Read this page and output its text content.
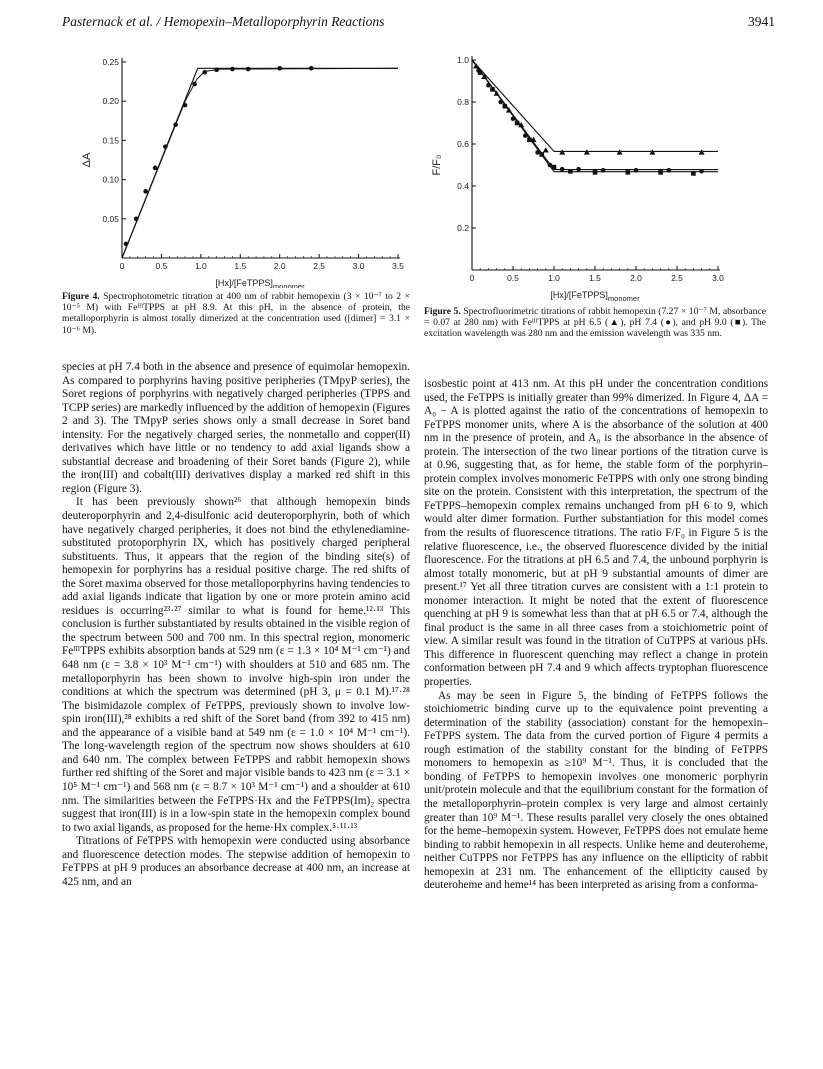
Pasternack et al. / Hemopexin–Metalloporphyrin Reactions	3941
0	0.5	1.0	1.5	2.0	2.5	3.0	3.5
0.05
0.10
0.15
0.20
0.25
$[Hx]/[FeTPPS]_{monomer}$
ΔA
Figure 4. Spectrophotometric titration at 400 nm of rabbit hemopexin (3 × 10⁻⁷ to 2 × 10⁻⁵ M) with FeᴵᴵᴵTPPS at pH 8.9. At this pH, in the absence of protein, the metalloporphyrin is almost totally dimerized at the concentration used ([dimer] = 3.1 × 10⁻⁶ M).
0	0.5	1.0	1.5	2.0	2.5	3.0
0.2
0.4
0.6
0.8
1.0
$[Hx]/[FeTPPS]_{monomer}$
F/F₀
Figure 5. Spectrofluorimetric titrations of rabbit hemopexin (7.27 × 10⁻⁷ M, absorbance = 0.07 at 280 nm) with FeᴵᴵᴵTPPS at pH 6.5 (▲), pH 7.4 (●), and pH 9.0 (■). The excitation wavelength was 280 nm and the emission wavelength was 335 nm.

species at pH 7.4 both in the absence and presence of equimolar hemopexin. As compared to porphyrins having positive peripheries (TMpyP series), the Soret regions of porphyrins with negatively charged peripheries (TPPS and TCPP series) are markedly influenced by the addition of hemopexin (Figures 2 and 3). The TMpyP series shows only a small decrease in Soret band intensity. For the negatively charged series, the nonmetallo and copper(II) derivatives which have little or no tendency to add axial ligands show a substantial decrease and broadening of their Soret bands (Figure 2), while the iron(III) and cobalt(III) derivatives display a marked red shift in this region (Figure 3).

It has been previously shown²⁶ that although hemopexin binds deuteroporphyrin and 2,4-disulfonic acid deuteroporphyrin, both of which have negatively charged peripheries, it does not bind the ethylenediamine-substituted protoporphyrin IX, which has positively charged peripheral substituents. Thus, it appears that the region of the binding site(s) of hemopexin for porphyrins has a residual positive charge. The red shifts of the Soret maxima observed for those metalloporphyrins having tendencies to add axial ligands indicate that ligation by one or more protein amino acid residues is occurring²³·²⁷ similar to what is found for heme.¹²·¹³ This conclusion is further substantiated by results obtained in the visible region of the spectrum between 500 and 700 nm. In this spectral region, monomeric FeᴵᴵᴵTPPS exhibits absorption bands at 529 nm (ε = 1.3 × 10⁴ M⁻¹ cm⁻¹) and 648 nm (ε = 3.8 × 10³ M⁻¹ cm⁻¹) with shoulders at 510 and 685 nm. The metalloporphyrin has been shown to involve high-spin iron under the conditions at which the spectrum was determined (pH 3, μ = 0.1 M).¹⁷·²⁸ The bisimidazole complex of FeTPPS, previously shown to involve low-spin iron(III),²⁸ exhibits a red shift of the Soret band (from 392 to 415 nm) and the appearance of a visible band at 549 nm (ε = 1.0 × 10⁴ M⁻¹ cm⁻¹). The long-wavelength region of the spectrum now shows shoulders at 610 and 640 nm. The complex between FeTPPS and rabbit hemopexin shows further red shifting of the Soret and major visible bands to 423 nm (ε = 3.1 × 10⁵ M⁻¹ cm⁻¹) and 568 nm (ε = 8.7 × 10³ M⁻¹ cm⁻¹) and a shoulder at 610 nm. The similarities between the FeTPPS·Hx and the FeTPPS(Im)₂ spectra suggest that iron(III) is in a low-spin state in the hemopexin complex bound to two axial ligands, as proposed for the heme·Hx complex.⁵·¹¹·¹³

Titrations of FeTPPS with hemopexin were conducted using absorbance and fluorescence detection modes. The stepwise addition of hemopexin to FeTPPS at pH 9 produces an absorbance decrease at 400 nm, an increase at 425 nm, and an

isosbestic point at 413 nm. At this pH under the concentration conditions used, the FeTPPS is initially greater than 99% dimerized. In Figure 4, ΔA = A₀ − A is plotted against the ratio of the concentrations of hemopexin to FeTPPS monomer units, where A is the absorbance of the solution at 400 nm in the presence of protein, and A₀ is the absorbance in the absence of protein. The intersection of the two linear portions of the titration curve is at 0.96, suggesting that, as for heme, the stable form of the porphyrin–protein complex involves monomeric FeTPPS with only one strong binding site on the protein. Consistent with this interpretation, the spectrum of the FeTPPS–hemopexin complex remains unchanged from pH 6 to 9, which would alter dimer formation. Further substantiation for this model comes from the results of fluorescence titrations. The ratio F/F₀ in Figure 5 is the relative fluorescence, i.e., the observed fluorescence divided by the initial fluorescence. For the titrations at pH 6.5 and 7.4, the unbound porphyrin is almost totally monomeric, but at pH 9 substantial amounts of dimer are present.¹⁷ Yet all three titration curves are consistent with a 1:1 protein to monomer interaction. It might be noted that the extent of fluorescence quenching at pH 9 is somewhat less than that at pH 6.5 or 7.4, although the final product is the same in all three cases from a stoichiometric point of view. A similar result was found in the titration of CuTPPS at various pHs. This difference in fluorescent quenching may reflect a change in protein conformation between pH 7.4 and 9 which affects tryptophan fluorescence properties.

As may be seen in Figure 5, the binding of FeTPPS follows the stoichiometric binding curve up to the equivalence point preventing a determination of the stability (association) constant for the hemopexin–FeTPPS system. The data from the curved portion of Figure 4 permits a rough estimation of the stability constant for the binding of FeTPPS monomers to hemopexin as ≥10⁹ M⁻¹. Thus, it is concluded that the bonding of FeTPPS to hemopexin involves one monomeric porphyrin unit/protein molecule and that the equilibrium constant for the formation of the metalloporphyrin–protein complex is very large and almost certainly greater than 10⁹ M⁻¹. These results parallel very closely the ones obtained for the heme–hemopexin system. However, FeTPPS does not emulate heme binding to rabbit hemopexin in all respects. Unlike heme and deuteroheme, neither CuTPPS nor FeTPPS has any influence on the ellipticity of rabbit hemopexin at 231 nm. The enhancement of the ellipticity caused by deuteroheme and heme¹⁴ has been interpreted as arising from a conforma-
